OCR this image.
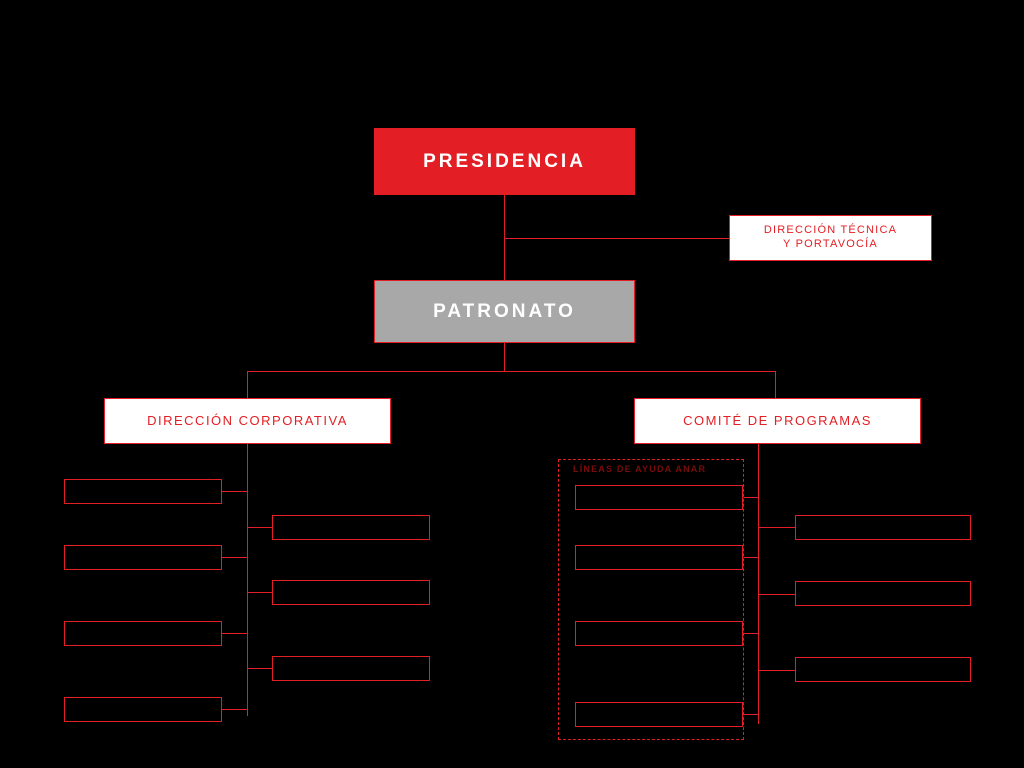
PRESIDENCIA
DIRECCIÓN TÉCNICA
Y PORTAVOCÍA
PATRONATO
DIRECCIÓN CORPORATIVA	COMITÉ DE PROGRAMAS
LÍNEAS DE AYUDA ANAR
